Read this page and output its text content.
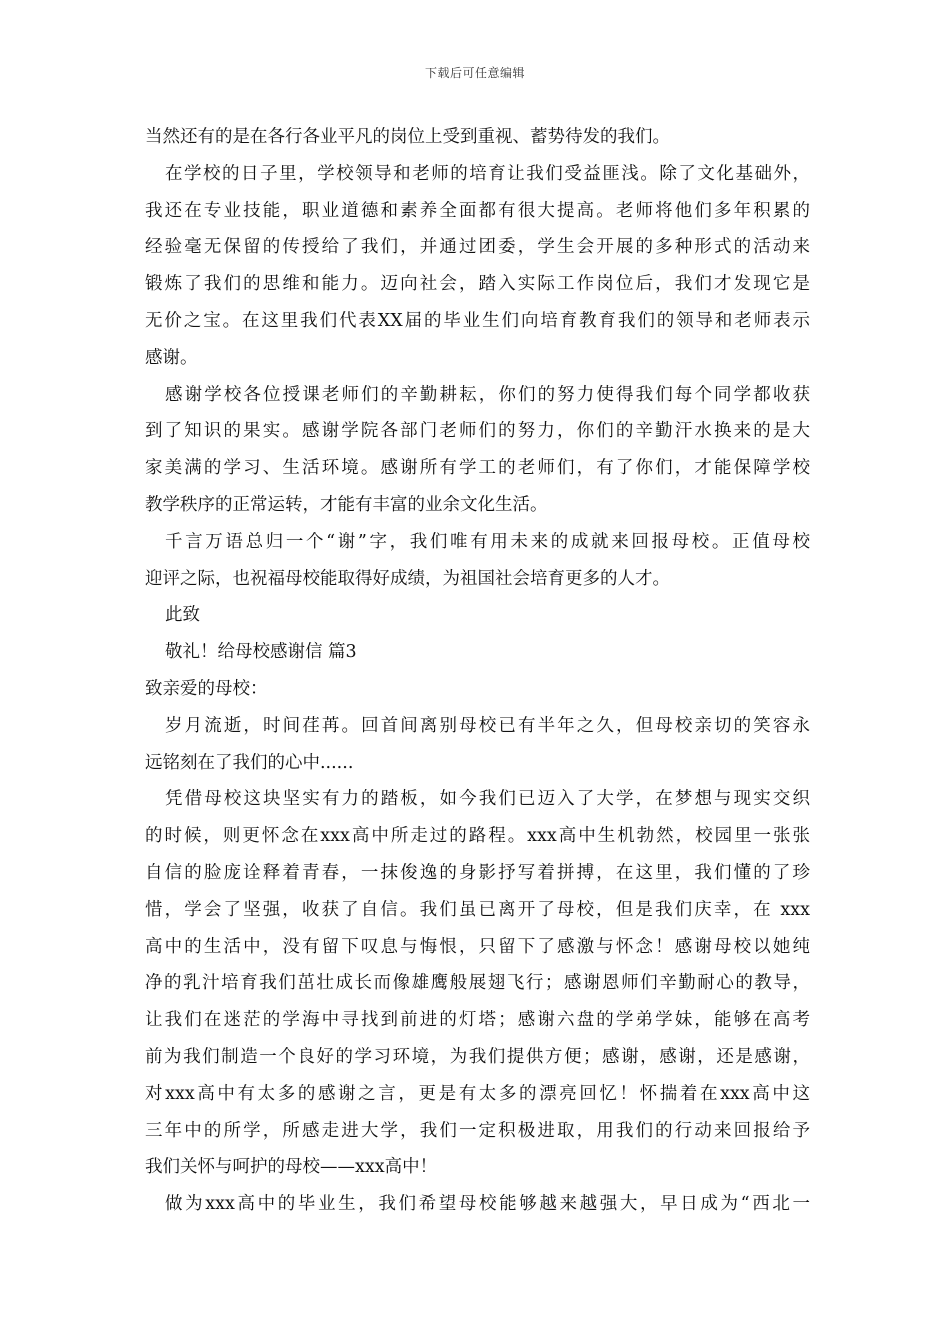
下载后可任意编辑
当然还有的是在各行各业平凡的岗位上受到重视、蓄势待发的我们。
在学校的日子里，学校领导和老师的培育让我们受益匪浅。除了文化基础外，
我还在专业技能，职业道德和素养全面都有很大提高。老师将他们多年积累的
经验毫无保留的传授给了我们，并通过团委，学生会开展的多种形式的活动来
锻炼了我们的思维和能力。迈向社会，踏入实际工作岗位后，我们才发现它是
无价之宝。在这里我们代表XX届的毕业生们向培育教育我们的领导和老师表示
感谢。
感谢学校各位授课老师们的辛勤耕耘，你们的努力使得我们每个同学都收获
到了知识的果实。感谢学院各部门老师们的努力，你们的辛勤汗水换来的是大
家美满的学习、生活环境。感谢所有学工的老师们，有了你们，才能保障学校
教学秩序的正常运转，才能有丰富的业余文化生活。
千言万语总归一个“谢”字，我们唯有用未来的成就来回报母校。正值母校
迎评之际，也祝福母校能取得好成绩，为祖国社会培育更多的人才。
此致
敬礼！给母校感谢信 篇3
致亲爱的母校：
岁月流逝，时间荏苒。回首间离别母校已有半年之久，但母校亲切的笑容永
远铭刻在了我们的心中......
凭借母校这块坚实有力的踏板，如今我们已迈入了大学，在梦想与现实交织
的时候，则更怀念在xxx高中所走过的路程。xxx高中生机勃然，校园里一张张
自信的脸庞诠释着青春，一抹俊逸的身影抒写着拼搏，在这里，我们懂的了珍
惜，学会了坚强，收获了自信。我们虽已离开了母校，但是我们庆幸，在 xxx
高中的生活中，没有留下叹息与悔恨，只留下了感激与怀念！感谢母校以她纯
净的乳汁培育我们茁壮成长而像雄鹰般展翅飞行；感谢恩师们辛勤耐心的教导，
让我们在迷茫的学海中寻找到前进的灯塔；感谢六盘的学弟学妹，能够在高考
前为我们制造一个良好的学习环境，为我们提供方便；感谢，感谢，还是感谢，
对xxx高中有太多的感谢之言，更是有太多的漂亮回忆！怀揣着在xxx高中这
三年中的所学，所感走进大学，我们一定积极进取，用我们的行动来回报给予
我们关怀与呵护的母校——xxx高中！
做为xxx高中的毕业生，我们希望母校能够越来越强大，早日成为“西北一
